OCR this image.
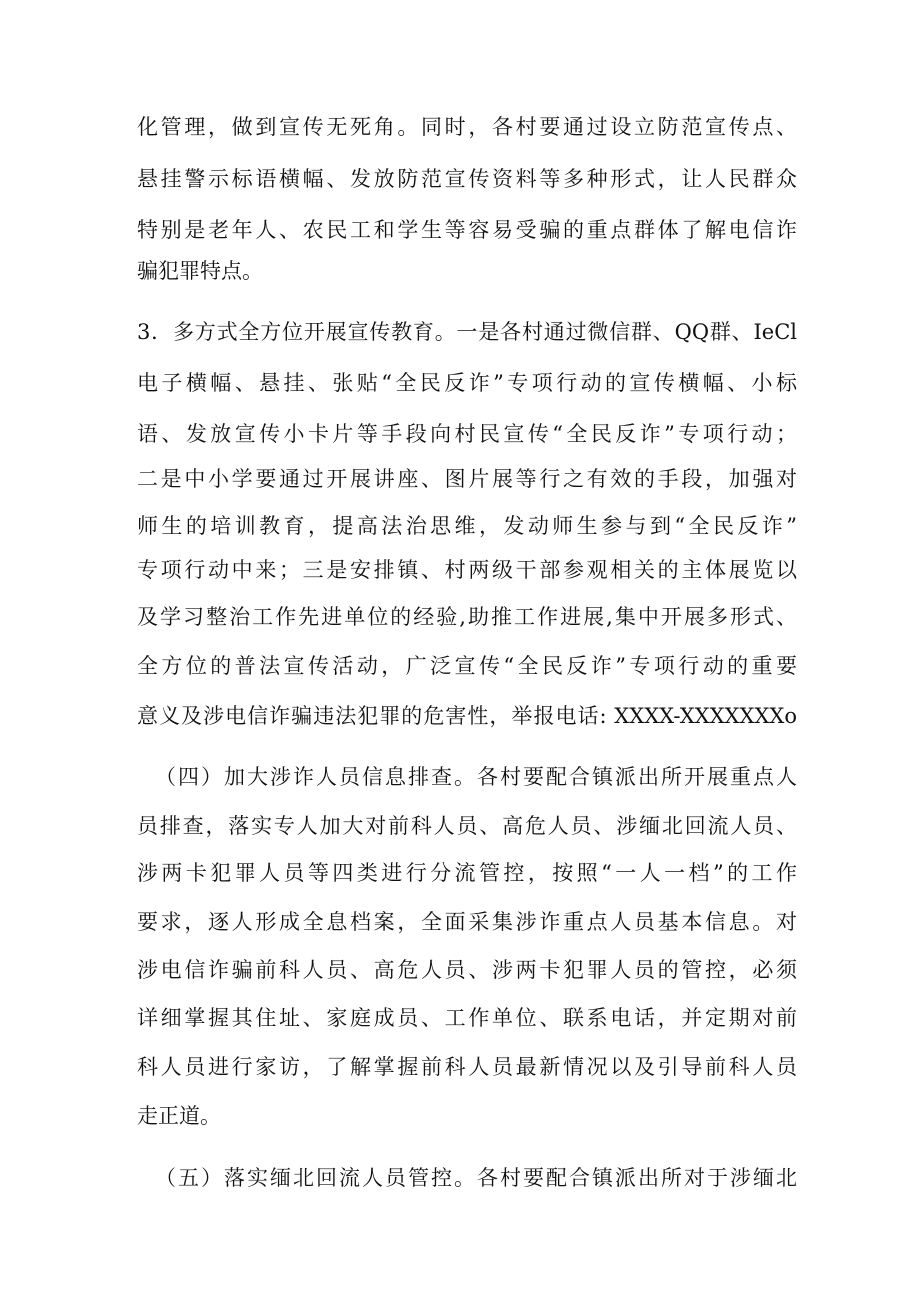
化管理，做到宣传无死角。同时，各村要通过设立防范宣传点、
悬挂警示标语横幅、发放防范宣传资料等多种形式，让人民群众
特别是老年人、农民工和学生等容易受骗的重点群体了解电信诈
骗犯罪特点。
3．多方式全方位开展宣传教育。一是各村通过微信群、QQ群、IeCl
电子横幅、悬挂、张贴“全民反诈”专项行动的宣传横幅、小标
语、发放宣传小卡片等手段向村民宣传“全民反诈”专项行动；
二是中小学要通过开展讲座、图片展等行之有效的手段，加强对
师生的培训教育，提高法治思维，发动师生参与到“全民反诈”
专项行动中来；三是安排镇、村两级干部参观相关的主体展览以
及学习整治工作先进单位的经验,助推工作进展,集中开展多形式、
全方位的普法宣传活动，广泛宣传“全民反诈”专项行动的重要
意义及涉电信诈骗违法犯罪的危害性，举报电话: XXXX-XXXXXXXo
（四）加大涉诈人员信息排查。各村要配合镇派出所开展重点人
员排查，落实专人加大对前科人员、高危人员、涉缅北回流人员、
涉两卡犯罪人员等四类进行分流管控，按照“一人一档”的工作
要求，逐人形成全息档案，全面采集涉诈重点人员基本信息。对
涉电信诈骗前科人员、高危人员、涉两卡犯罪人员的管控，必须
详细掌握其住址、家庭成员、工作单位、联系电话，并定期对前
科人员进行家访，了解掌握前科人员最新情况以及引导前科人员
走正道。
（五）落实缅北回流人员管控。各村要配合镇派出所对于涉缅北
